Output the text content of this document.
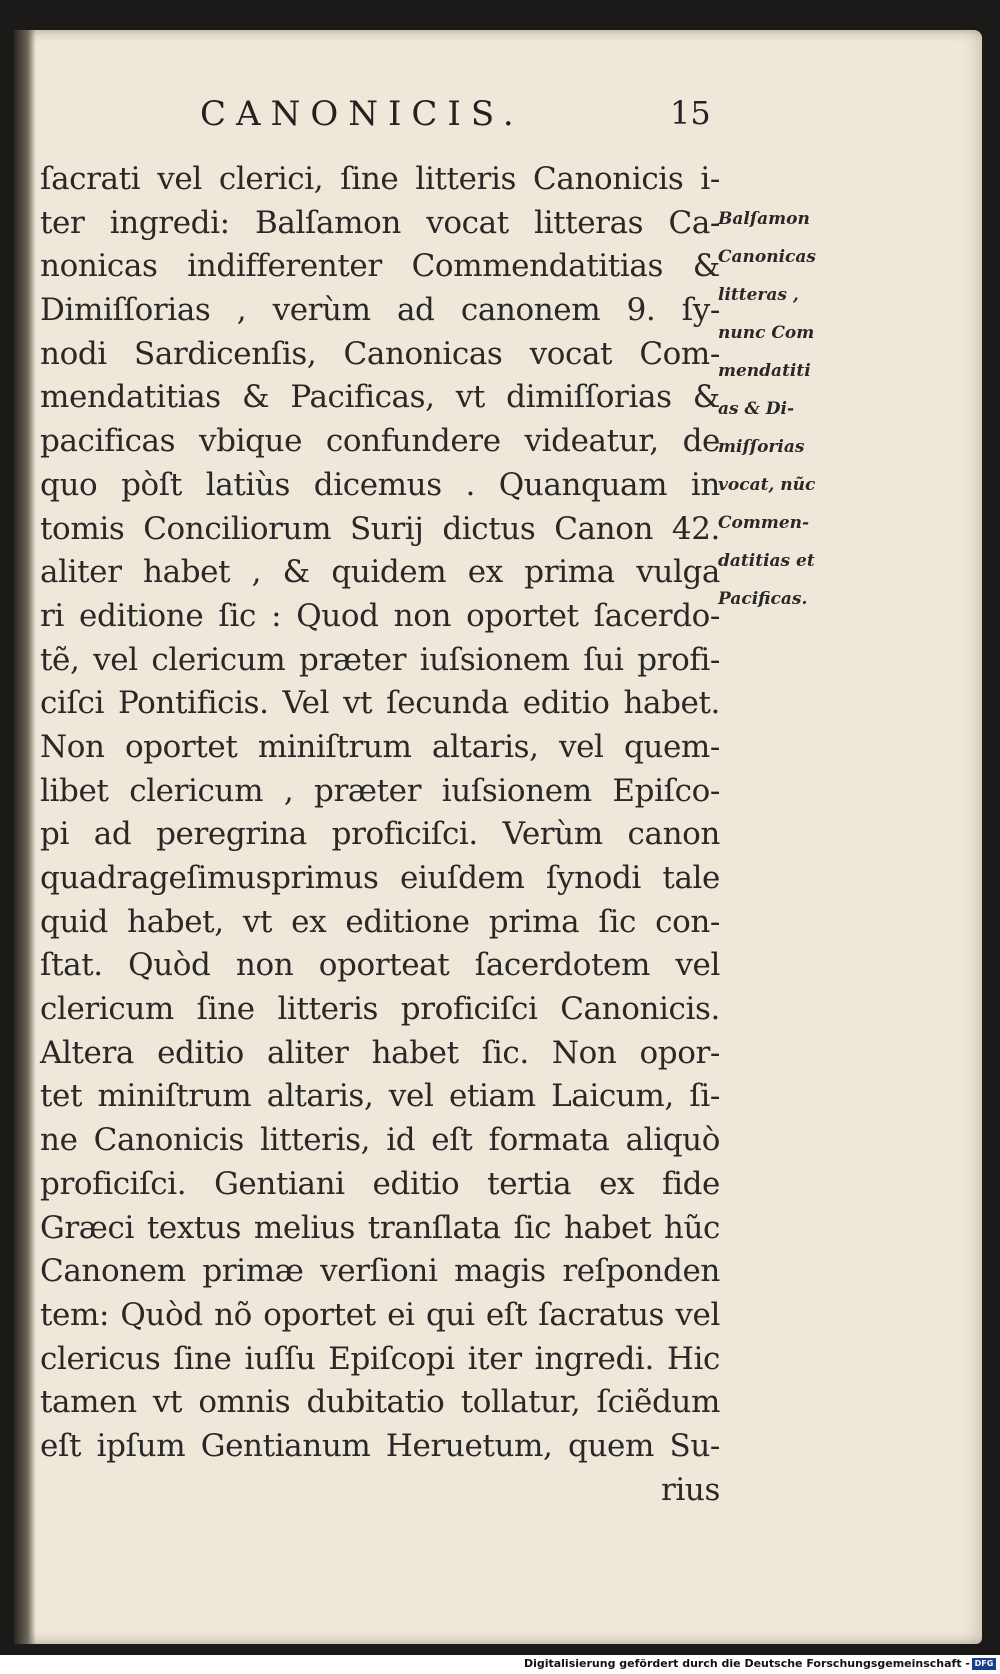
CANONICIS.	15
ſacrati vel clerici, ſine litteris Canonicis i-
ter ingredi: Balſamon vocat litteras Ca-
nonicas indifferenter Commendatitias &
Dimiſſorias , verùm ad canonem 9. ſy-
nodi Sardicenſis, Canonicas vocat Com-
mendatitias & Pacificas, vt dimiſſorias &
pacificas vbique confundere videatur, de
quo pòſt latiùs dicemus . Quanquam in
tomis Conciliorum Surij dictus Canon 42.
aliter habet , & quidem ex prima vulga
ri editione ſic : Quod non oportet ſacerdo-
tẽ, vel clericum præter iuſsionem ſui profi-
ciſci Pontificis. Vel vt ſecunda editio habet.
Non oportet miniſtrum altaris, vel quem-
libet clericum , præter iuſsionem Epiſco-
pi ad peregrina proficiſci. Verùm canon
quadrageſimusprimus eiuſdem ſynodi tale
quid habet, vt ex editione prima ſic con-
ſtat. Quòd non oporteat ſacerdotem vel
clericum ſine litteris proficiſci Canonicis.
Altera editio aliter habet ſic. Non opor-
tet miniſtrum altaris, vel etiam Laicum, ſi-
ne Canonicis litteris, id eſt formata aliquò
proficiſci. Gentiani editio tertia ex fide
Græci textus melius tranſlata ſic habet hũc
Canonem primæ verſioni magis reſponden
tem: Quòd nõ oportet ei qui eſt ſacratus vel
clericus ſine iuſſu Epiſcopi iter ingredi. Hic
tamen vt omnis dubitatio tollatur, ſciẽdum
eſt ipſum Gentianum Heruetum, quem Su-
rius
Balſamon
Canonicas
litteras ,
nunc Com
mendatiti
as & Di-
miſſorias
vocat, nũc
Commen-
datitias et
Pacificas.
Digitalisierung gefördert durch die Deutsche Forschungsgemeinschaft - DFG
